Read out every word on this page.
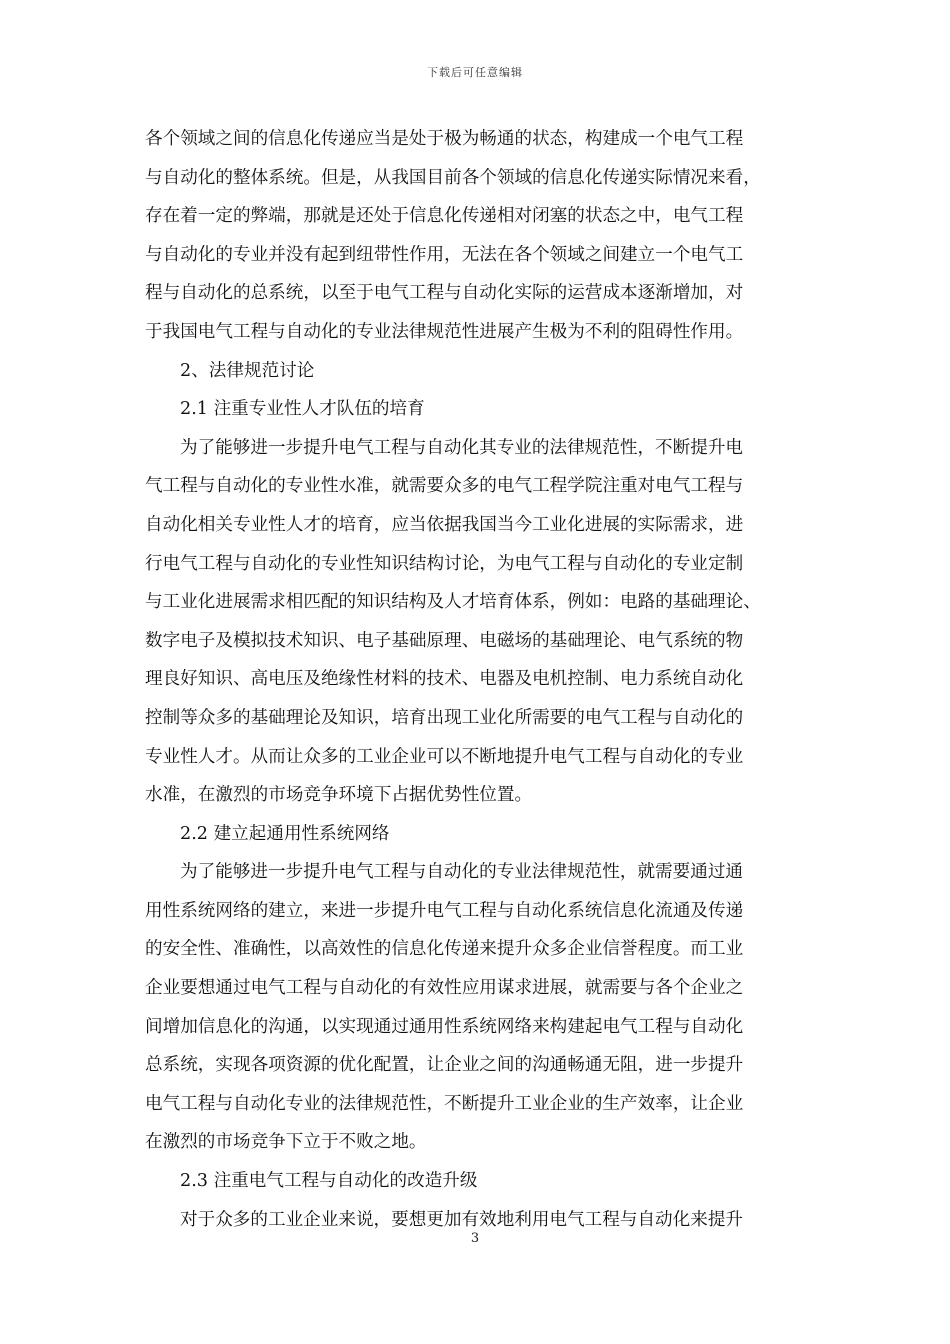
下载后可任意编辑
各个领域之间的信息化传递应当是处于极为畅通的状态，构建成一个电气工程
与自动化的整体系统。但是，从我国目前各个领域的信息化传递实际情况来看，
存在着一定的弊端，那就是还处于信息化传递相对闭塞的状态之中，电气工程
与自动化的专业并没有起到纽带性作用，无法在各个领域之间建立一个电气工
程与自动化的总系统，以至于电气工程与自动化实际的运营成本逐渐增加，对
于我国电气工程与自动化的专业法律规范性进展产生极为不利的阻碍性作用。
2、法律规范讨论
2.1 注重专业性人才队伍的培育
为了能够进一步提升电气工程与自动化其专业的法律规范性，不断提升电
气工程与自动化的专业性水准，就需要众多的电气工程学院注重对电气工程与
自动化相关专业性人才的培育，应当依据我国当今工业化进展的实际需求，进
行电气工程与自动化的专业性知识结构讨论，为电气工程与自动化的专业定制
与工业化进展需求相匹配的知识结构及人才培育体系，例如：电路的基础理论、
数字电子及模拟技术知识、电子基础原理、电磁场的基础理论、电气系统的物
理良好知识、高电压及绝缘性材料的技术、电器及电机控制、电力系统自动化
控制等众多的基础理论及知识，培育出现工业化所需要的电气工程与自动化的
专业性人才。从而让众多的工业企业可以不断地提升电气工程与自动化的专业
水准，在激烈的市场竞争环境下占据优势性位置。
2.2 建立起通用性系统网络
为了能够进一步提升电气工程与自动化的专业法律规范性，就需要通过通
用性系统网络的建立，来进一步提升电气工程与自动化系统信息化流通及传递
的安全性、准确性，以高效性的信息化传递来提升众多企业信誉程度。而工业
企业要想通过电气工程与自动化的有效性应用谋求进展，就需要与各个企业之
间增加信息化的沟通，以实现通过通用性系统网络来构建起电气工程与自动化
总系统，实现各项资源的优化配置，让企业之间的沟通畅通无阻，进一步提升
电气工程与自动化专业的法律规范性，不断提升工业企业的生产效率，让企业
在激烈的市场竞争下立于不败之地。
2.3 注重电气工程与自动化的改造升级
对于众多的工业企业来说，要想更加有效地利用电气工程与自动化来提升
3
